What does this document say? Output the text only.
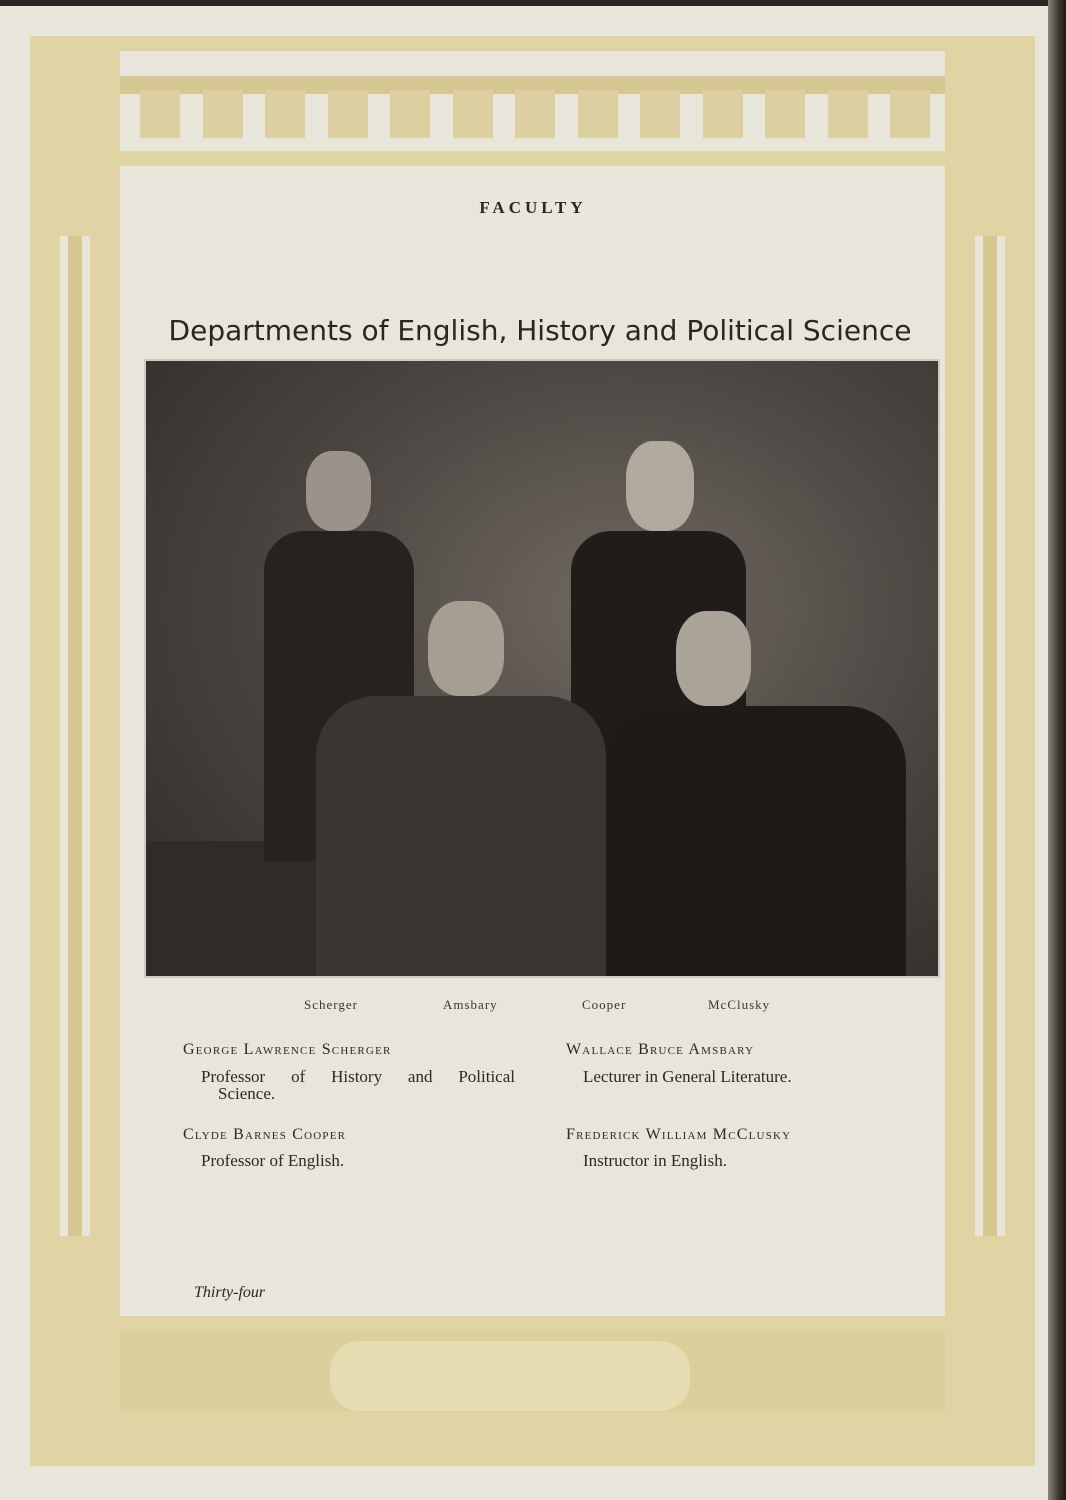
FACULTY
Departments of English, History and Political Science
Scherger	Amsbary	Cooper	McClusky
George Lawrence Scherger
Professor of History and Political
Science.
Wallace Bruce Amsbary
Lecturer in General Literature.
Clyde Barnes Cooper
Professor of English.
Frederick William McClusky
Instructor in English.
Thirty-four
